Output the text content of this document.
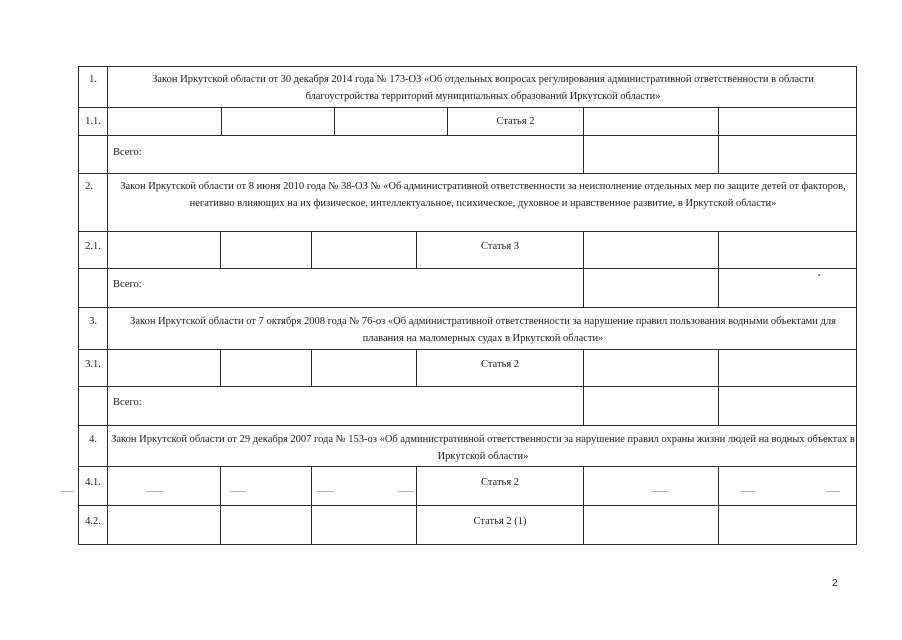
1.	Закон Иркутской области от 30 декабря 2014 года № 173-ОЗ «Об отдельных вопросах регулирования административной ответственности в области благоустройства территорий муниципальных образований Иркутской области»
1.1.	Статья 2
Всего:
2.	Закон Иркутской области от 8 июня 2010 года № 38-ОЗ № «Об административной ответственности за неисполнение отдельных мер по защите детей от факторов, негативно влияющих на их физическое, интеллектуальное, психическое, духовное и нравственное развитие, в Иркутской области»
2.1.	Статья 3
Всего:
3.	Закон Иркутской области от 7 октября 2008 года № 76-оз «Об административной ответственности за нарушение правил пользования водными объектами для плавания на маломерных судах в Иркутской области»
3.1.	Статья 2
Всего:
4.	Закон Иркутской области от 29 декабря 2007 года № 153-оз «Об административной ответственности за нарушение правил охраны жизни людей на водных объектах в Иркутской области»
4.1.	Статья 2
4.2.	Статья 2 (1)
2
